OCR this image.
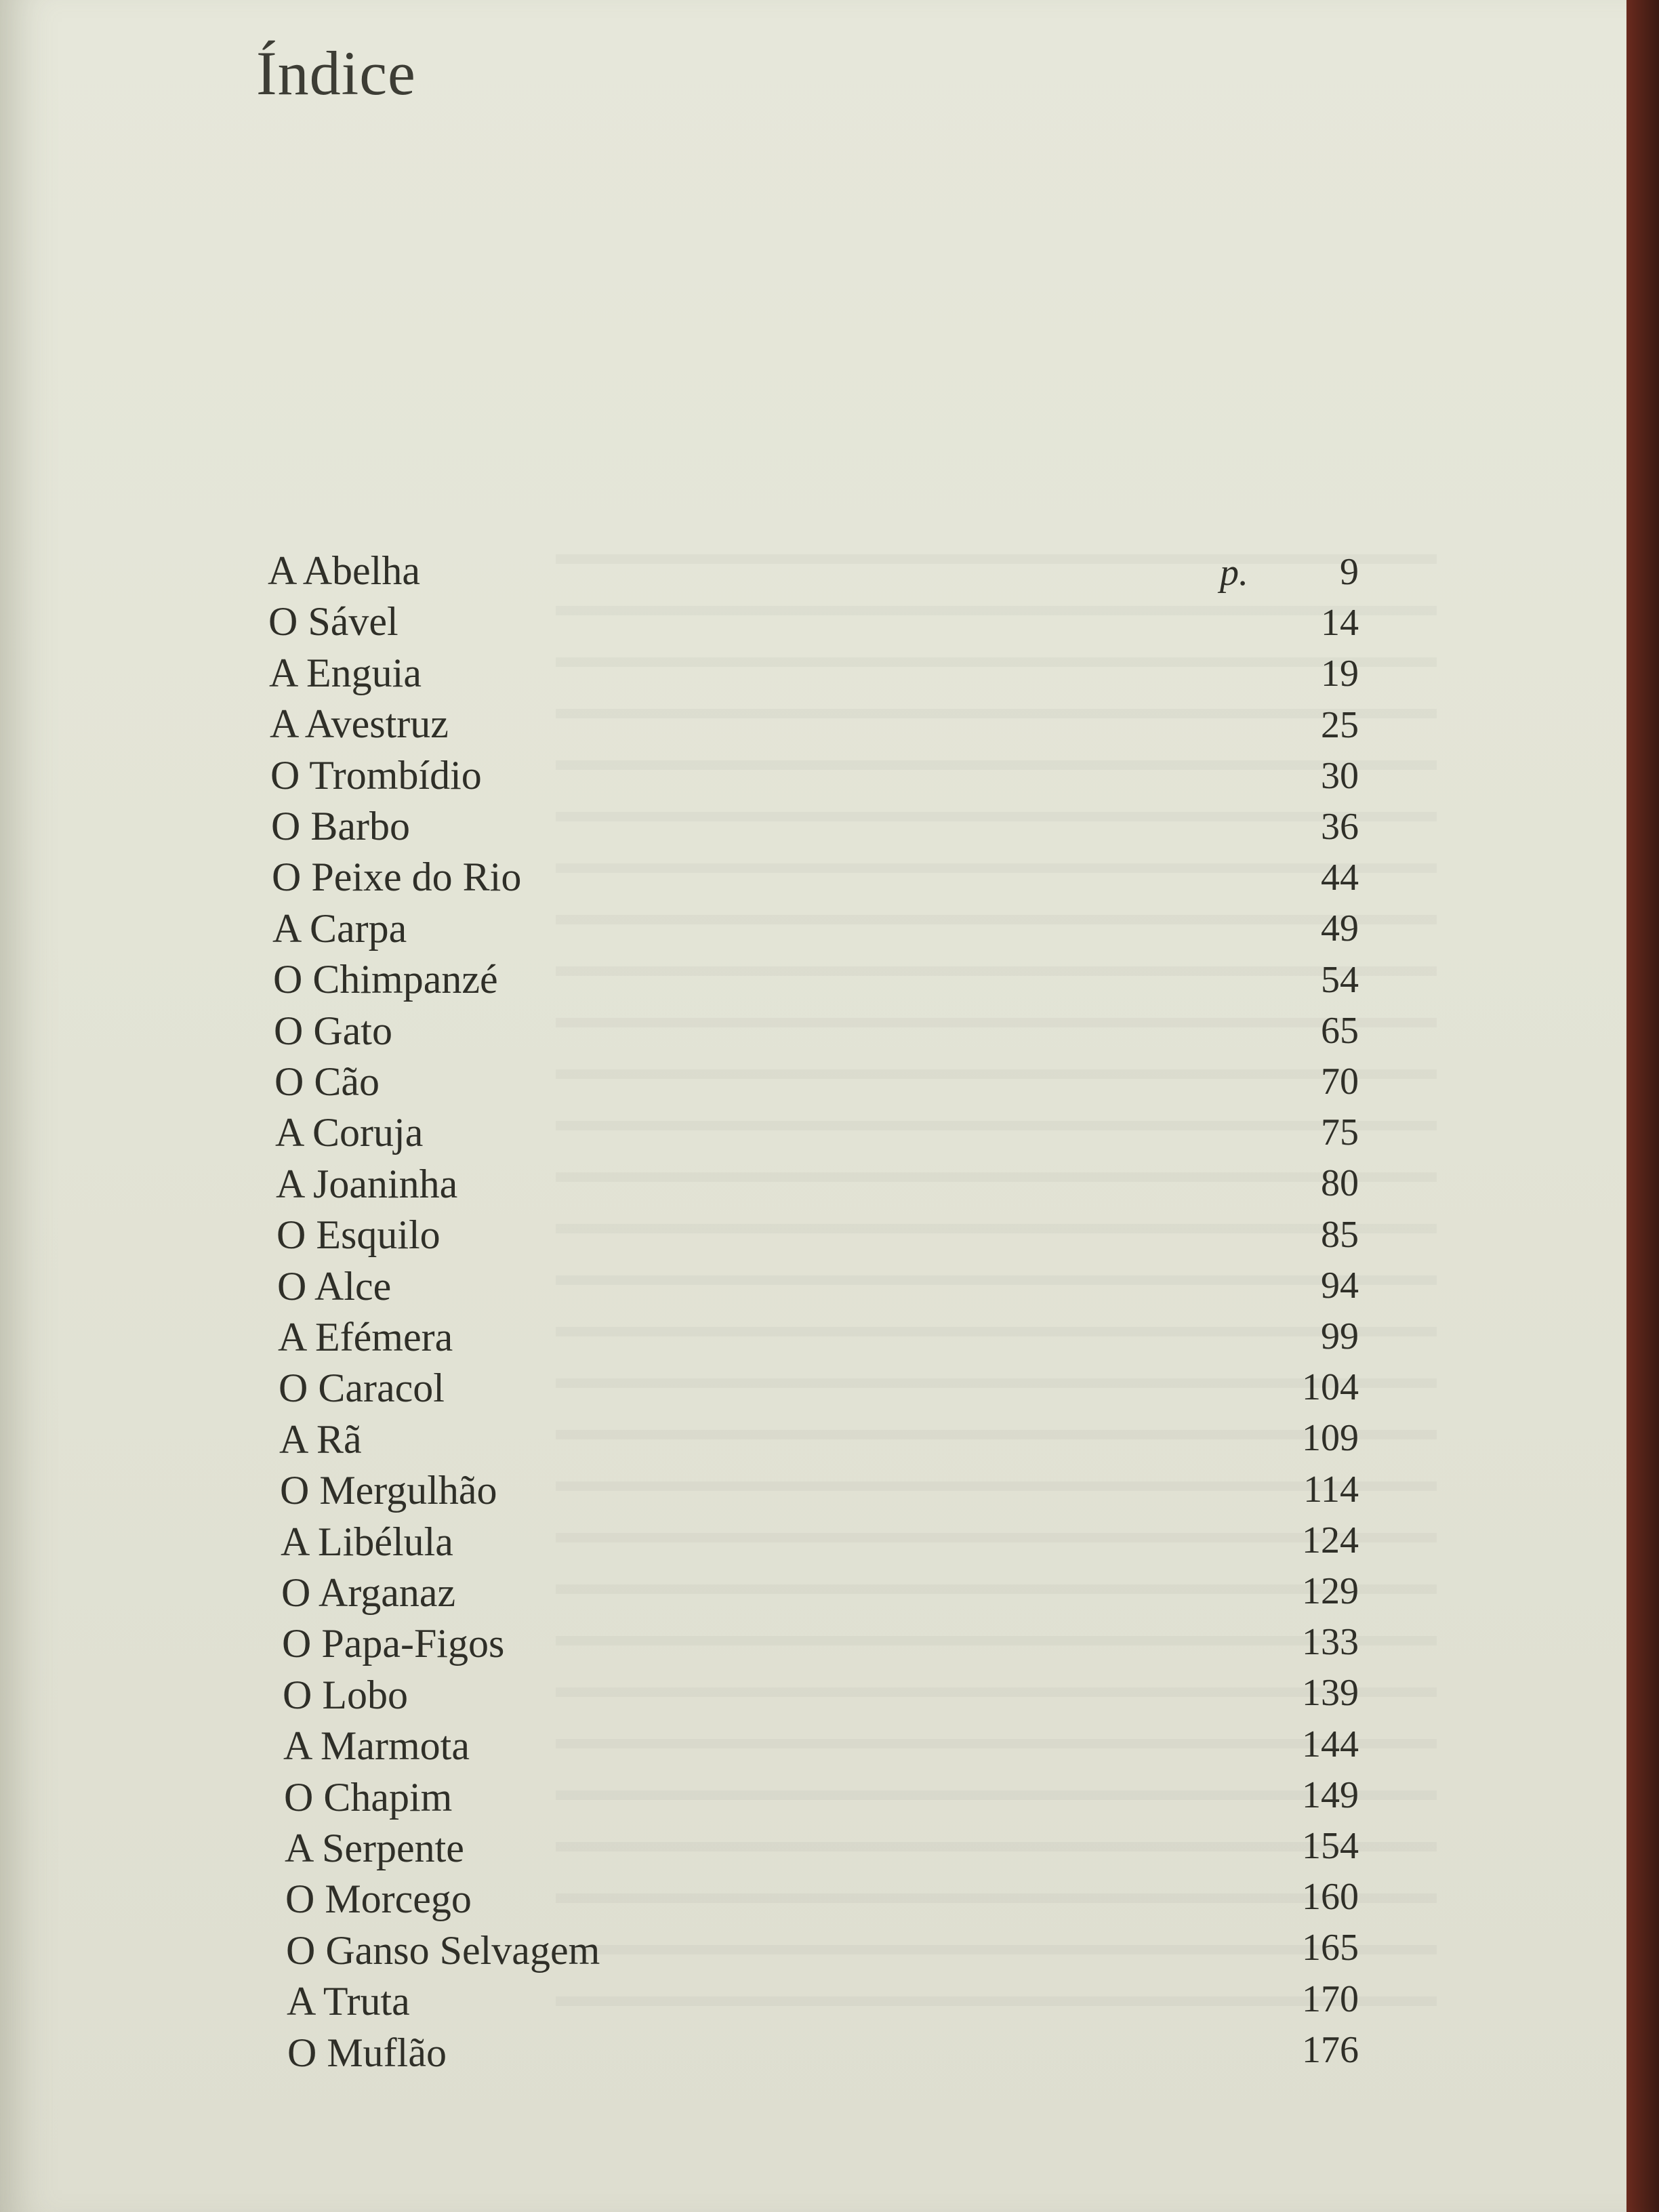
Índice
p.
A Abelha
O Sável
A Enguia
A Avestruz
O Trombídio
O Barbo
O Peixe do Rio
A Carpa
O Chimpanzé
O Gato
O Cão
A Coruja
A Joaninha
O Esquilo
O Alce
A Efémera
O Caracol
A Rã
O Mergulhão
A Libélula
O Arganaz
O Papa-Figos
O Lobo
A Marmota
O Chapim
A Serpente
O Morcego
O Ganso Selvagem
A Truta
O Muflão
9
14
19
25
30
36
44
49
54
65
70
75
80
85
94
99
104
109
114
124
129
133
139
144
149
154
160
165
170
176
